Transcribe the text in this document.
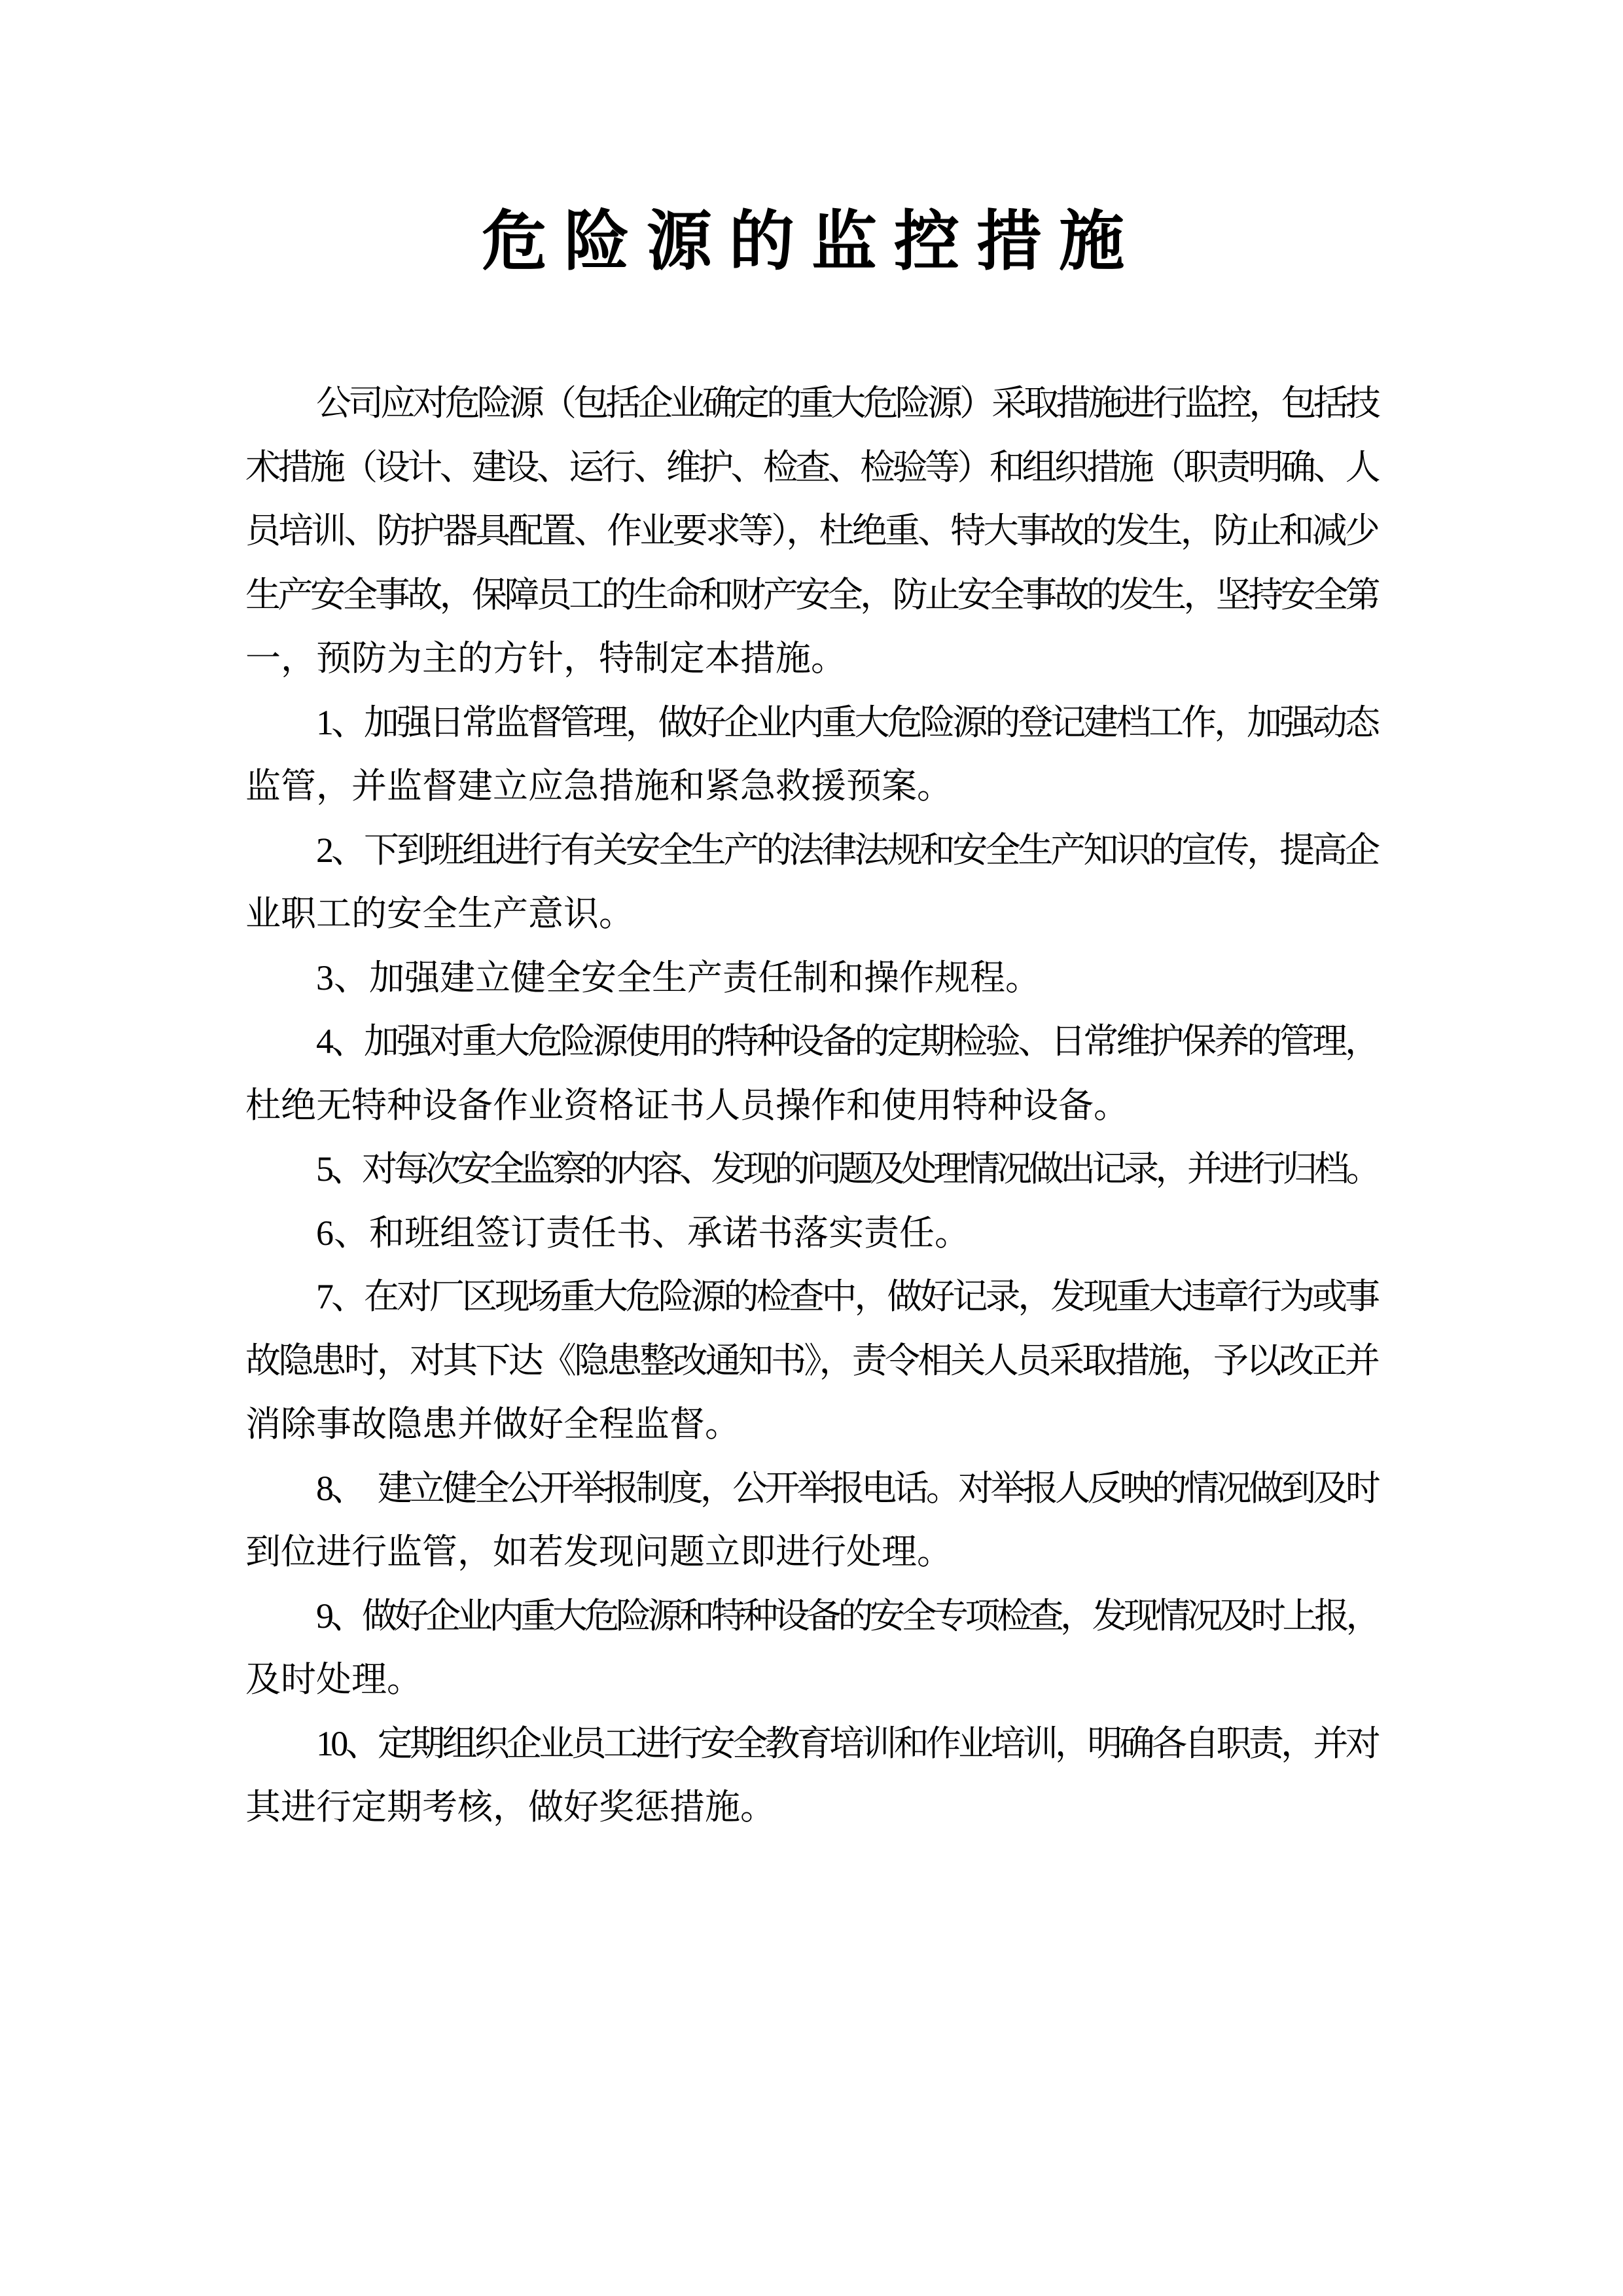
危险源的监控措施
公司应对危险源（包括企业确定的重大危险源）采取措施进行监控，包括技
术措施（设计、建设、运行、维护、检查、检验等）和组织措施（职责明确、人
员培训、防护器具配置、作业要求等），杜绝重、特大事故的发生，防止和减少
生产安全事故，保障员工的生命和财产安全，防止安全事故的发生，坚持安全第
一，预防为主的方针，特制定本措施。
1、加强日常监督管理，做好企业内重大危险源的登记建档工作，加强动态
监管，并监督建立应急措施和紧急救援预案。
2、下到班组进行有关安全生产的法律法规和安全生产知识的宣传，提高企
业职工的安全生产意识。
3、加强建立健全安全生产责任制和操作规程。
4、加强对重大危险源使用的特种设备的定期检验、日常维护保养的管理，
杜绝无特种设备作业资格证书人员操作和使用特种设备。
5、对每次安全监察的内容、发现的问题及处理情况做出记录，并进行归档。
6、和班组签订责任书、承诺书落实责任。
7、在对厂区现场重大危险源的检查中，做好记录，发现重大违章行为或事
故隐患时，对其下达《隐患整改通知书》，责令相关人员采取措施，予以改正并
消除事故隐患并做好全程监督。
8、　建立健全公开举报制度，公开举报电话。对举报人反映的情况做到及时
到位进行监管，如若发现问题立即进行处理。
9、做好企业内重大危险源和特种设备的安全专项检查，发现情况及时上报，
及时处理。
10、定期组织企业员工进行安全教育培训和作业培训，明确各自职责，并对
其进行定期考核，做好奖惩措施。
